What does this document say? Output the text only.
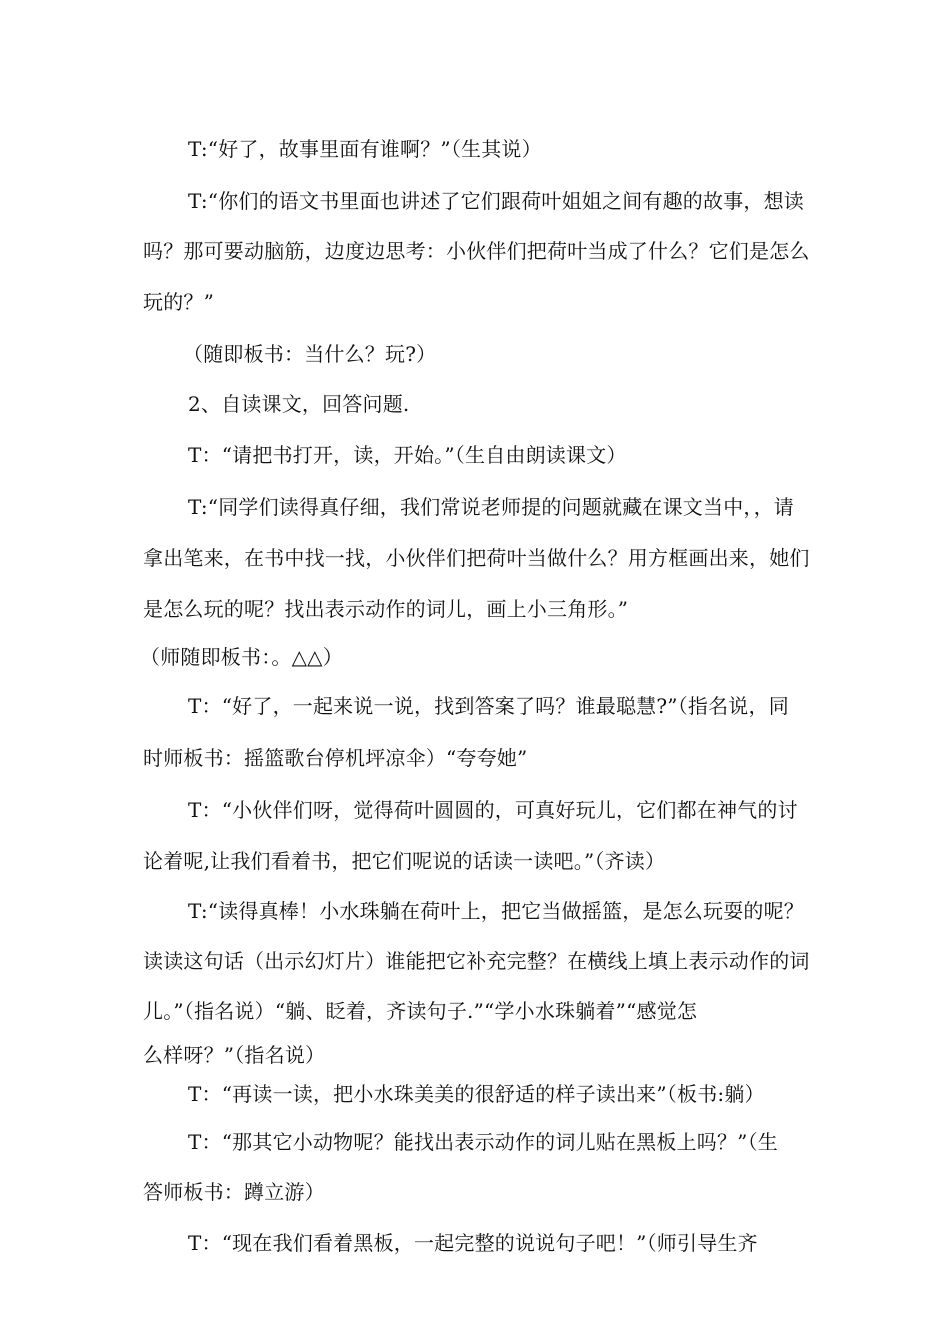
T:“好了，故事里面有谁啊？”（生其说）
T:“你们的语文书里面也讲述了它们跟荷叶姐姐之间有趣的故事，想读
吗？那可要动脑筋，边度边思考：小伙伴们把荷叶当成了什么？它们是怎么
玩的？”
（随即板书：当什么？玩?）
2、自读课文，回答问题.
T：“请把书打开，读，开始。”（生自由朗读课文）
T:“同学们读得真仔细，我们常说老师提的问题就藏在课文当中，，请
拿出笔来，在书中找一找，小伙伴们把荷叶当做什么？用方框画出来，她们
是怎么玩的呢？找出表示动作的词儿，画上小三角形。”
（师随即板书：。△△）
T：“好了，一起来说一说，找到答案了吗？谁最聪慧?”（指名说，同
时师板书：摇篮歌台停机坪凉伞）“夸夸她”
T：“小伙伴们呀，觉得荷叶圆圆的，可真好玩儿，它们都在神气的讨
论着呢,让我们看着书，把它们呢说的话读一读吧。”（齐读）
T:“读得真棒！小水珠躺在荷叶上，把它当做摇篮，是怎么玩耍的呢？
读读这句话（出示幻灯片）谁能把它补充完整？在横线上填上表示动作的词
儿。”（指名说）“躺、眨着，齐读句子.”“学小水珠躺着”“感觉怎
么样呀？”（指名说）
T：“再读一读，把小水珠美美的很舒适的样子读出来”（板书:躺）
T：“那其它小动物呢？能找出表示动作的词儿贴在黑板上吗？”（生
答师板书：蹲立游）
T：“现在我们看着黑板，一起完整的说说句子吧！”（师引导生齐
